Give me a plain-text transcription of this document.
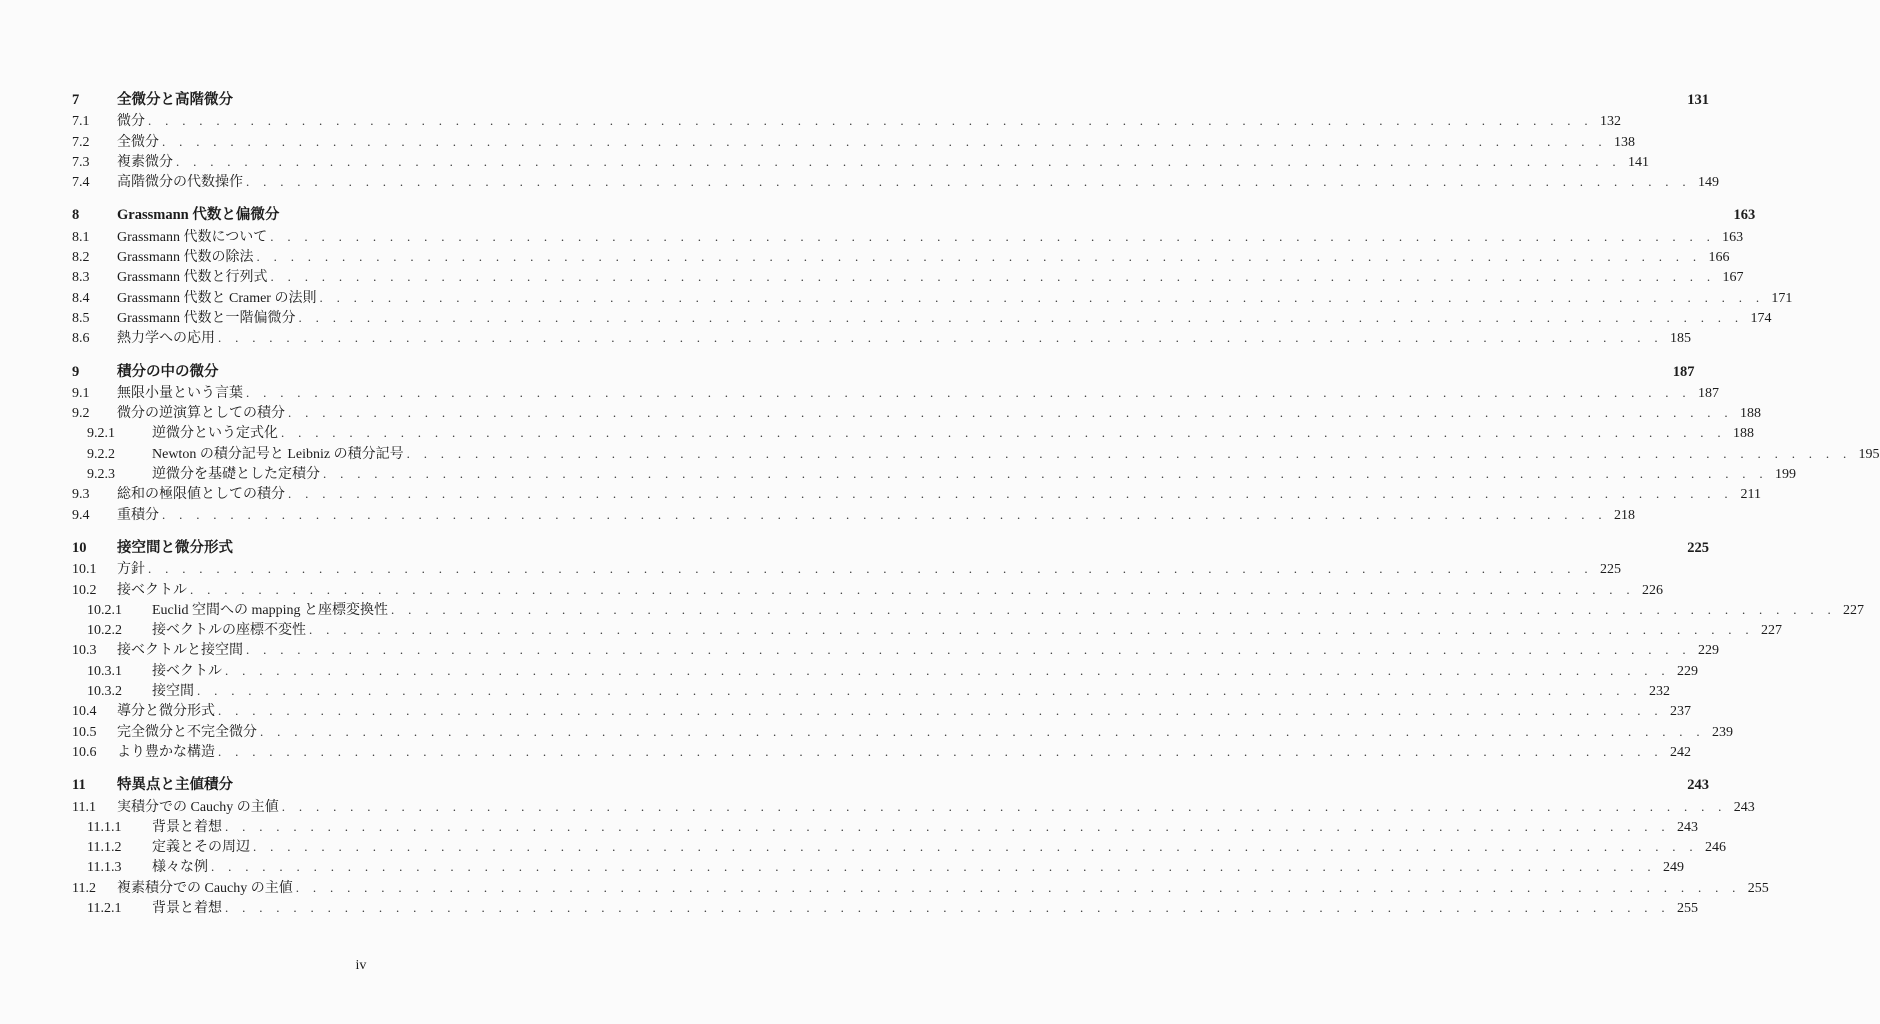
7	全微分と高階微分	131
7.1	微分 . . . . . . . . . . . . . . . . . . . . . . . . . . . . . . . . . . . . . . . . . . . . . . . . . . . . . . . . . . . . . . . . . . . . . . . . . . . . . . . . . . . . . 132
7.2	全微分 . . . . . . . . . . . . . . . . . . . . . . . . . . . . . . . . . . . . . . . . . . . . . . . . . . . . . . . . . . . . . . . . . . . . . . . . . . . . . . . . . . . . . 138
7.3	複素微分 . . . . . . . . . . . . . . . . . . . . . . . . . . . . . . . . . . . . . . . . . . . . . . . . . . . . . . . . . . . . . . . . . . . . . . . . . . . . . . . . . . . . . 141
7.4	高階微分の代数操作 . . . . . . . . . . . . . . . . . . . . . . . . . . . . . . . . . . . . . . . . . . . . . . . . . . . . . . . . . . . . . . . . . . . . . . . . . . . . . . . . . . . . . 149
8	Grassmann 代数と偏微分	163
8.1	Grassmann 代数について . . . . . . . . . . . . . . . . . . . . . . . . . . . . . . . . . . . . . . . . . . . . . . . . . . . . . . . . . . . . . . . . . . . . . . . . . . . . . . . . . . . . . 163
8.2	Grassmann 代数の除法 . . . . . . . . . . . . . . . . . . . . . . . . . . . . . . . . . . . . . . . . . . . . . . . . . . . . . . . . . . . . . . . . . . . . . . . . . . . . . . . . . . . . . 166
8.3	Grassmann 代数と行列式 . . . . . . . . . . . . . . . . . . . . . . . . . . . . . . . . . . . . . . . . . . . . . . . . . . . . . . . . . . . . . . . . . . . . . . . . . . . . . . . . . . . . . 167
8.4	Grassmann 代数と Cramer の法則 . . . . . . . . . . . . . . . . . . . . . . . . . . . . . . . . . . . . . . . . . . . . . . . . . . . . . . . . . . . . . . . . . . . . . . . . . . . . . . . . . . . . . 171
8.5	Grassmann 代数と一階偏微分 . . . . . . . . . . . . . . . . . . . . . . . . . . . . . . . . . . . . . . . . . . . . . . . . . . . . . . . . . . . . . . . . . . . . . . . . . . . . . . . . . . . . . 174
8.6	熱力学への応用 . . . . . . . . . . . . . . . . . . . . . . . . . . . . . . . . . . . . . . . . . . . . . . . . . . . . . . . . . . . . . . . . . . . . . . . . . . . . . . . . . . . . . 185
9	積分の中の微分	187
9.1	無限小量という言葉 . . . . . . . . . . . . . . . . . . . . . . . . . . . . . . . . . . . . . . . . . . . . . . . . . . . . . . . . . . . . . . . . . . . . . . . . . . . . . . . . . . . . . 187
9.2	微分の逆演算としての積分 . . . . . . . . . . . . . . . . . . . . . . . . . . . . . . . . . . . . . . . . . . . . . . . . . . . . . . . . . . . . . . . . . . . . . . . . . . . . . . . . . . . . . 188
9.2.1	逆微分という定式化 . . . . . . . . . . . . . . . . . . . . . . . . . . . . . . . . . . . . . . . . . . . . . . . . . . . . . . . . . . . . . . . . . . . . . . . . . . . . . . . . . . . . . 188
9.2.2	Newton の積分記号と Leibniz の積分記号 . . . . . . . . . . . . . . . . . . . . . . . . . . . . . . . . . . . . . . . . . . . . . . . . . . . . . . . . . . . . . . . . . . . . . . . . . . . . . . . . . . . . . 195
9.2.3	逆微分を基礎とした定積分 . . . . . . . . . . . . . . . . . . . . . . . . . . . . . . . . . . . . . . . . . . . . . . . . . . . . . . . . . . . . . . . . . . . . . . . . . . . . . . . . . . . . . 199
9.3	総和の極限値としての積分 . . . . . . . . . . . . . . . . . . . . . . . . . . . . . . . . . . . . . . . . . . . . . . . . . . . . . . . . . . . . . . . . . . . . . . . . . . . . . . . . . . . . . 211
9.4	重積分 . . . . . . . . . . . . . . . . . . . . . . . . . . . . . . . . . . . . . . . . . . . . . . . . . . . . . . . . . . . . . . . . . . . . . . . . . . . . . . . . . . . . . 218
10	接空間と微分形式	225
10.1	方針 . . . . . . . . . . . . . . . . . . . . . . . . . . . . . . . . . . . . . . . . . . . . . . . . . . . . . . . . . . . . . . . . . . . . . . . . . . . . . . . . . . . . . 225
10.2	接ベクトル . . . . . . . . . . . . . . . . . . . . . . . . . . . . . . . . . . . . . . . . . . . . . . . . . . . . . . . . . . . . . . . . . . . . . . . . . . . . . . . . . . . . . 226
10.2.1	Euclid 空間への mapping と座標変換性 . . . . . . . . . . . . . . . . . . . . . . . . . . . . . . . . . . . . . . . . . . . . . . . . . . . . . . . . . . . . . . . . . . . . . . . . . . . . . . . . . . . . . 227
10.2.2	接ベクトルの座標不変性 . . . . . . . . . . . . . . . . . . . . . . . . . . . . . . . . . . . . . . . . . . . . . . . . . . . . . . . . . . . . . . . . . . . . . . . . . . . . . . . . . . . . . 227
10.3	接ベクトルと接空間 . . . . . . . . . . . . . . . . . . . . . . . . . . . . . . . . . . . . . . . . . . . . . . . . . . . . . . . . . . . . . . . . . . . . . . . . . . . . . . . . . . . . . 229
10.3.1	接ベクトル . . . . . . . . . . . . . . . . . . . . . . . . . . . . . . . . . . . . . . . . . . . . . . . . . . . . . . . . . . . . . . . . . . . . . . . . . . . . . . . . . . . . . 229
10.3.2	接空間 . . . . . . . . . . . . . . . . . . . . . . . . . . . . . . . . . . . . . . . . . . . . . . . . . . . . . . . . . . . . . . . . . . . . . . . . . . . . . . . . . . . . . 232
10.4	導分と微分形式 . . . . . . . . . . . . . . . . . . . . . . . . . . . . . . . . . . . . . . . . . . . . . . . . . . . . . . . . . . . . . . . . . . . . . . . . . . . . . . . . . . . . . 237
10.5	完全微分と不完全微分 . . . . . . . . . . . . . . . . . . . . . . . . . . . . . . . . . . . . . . . . . . . . . . . . . . . . . . . . . . . . . . . . . . . . . . . . . . . . . . . . . . . . . 239
10.6	より豊かな構造 . . . . . . . . . . . . . . . . . . . . . . . . . . . . . . . . . . . . . . . . . . . . . . . . . . . . . . . . . . . . . . . . . . . . . . . . . . . . . . . . . . . . . 242
11	特異点と主値積分	243
11.1	実積分での Cauchy の主値 . . . . . . . . . . . . . . . . . . . . . . . . . . . . . . . . . . . . . . . . . . . . . . . . . . . . . . . . . . . . . . . . . . . . . . . . . . . . . . . . . . . . . 243
11.1.1	背景と着想 . . . . . . . . . . . . . . . . . . . . . . . . . . . . . . . . . . . . . . . . . . . . . . . . . . . . . . . . . . . . . . . . . . . . . . . . . . . . . . . . . . . . . 243
11.1.2	定義とその周辺 . . . . . . . . . . . . . . . . . . . . . . . . . . . . . . . . . . . . . . . . . . . . . . . . . . . . . . . . . . . . . . . . . . . . . . . . . . . . . . . . . . . . . 246
11.1.3	様々な例 . . . . . . . . . . . . . . . . . . . . . . . . . . . . . . . . . . . . . . . . . . . . . . . . . . . . . . . . . . . . . . . . . . . . . . . . . . . . . . . . . . . . . 249
11.2	複素積分での Cauchy の主値 . . . . . . . . . . . . . . . . . . . . . . . . . . . . . . . . . . . . . . . . . . . . . . . . . . . . . . . . . . . . . . . . . . . . . . . . . . . . . . . . . . . . . 255
11.2.1	背景と着想 . . . . . . . . . . . . . . . . . . . . . . . . . . . . . . . . . . . . . . . . . . . . . . . . . . . . . . . . . . . . . . . . . . . . . . . . . . . . . . . . . . . . . 255
iv
